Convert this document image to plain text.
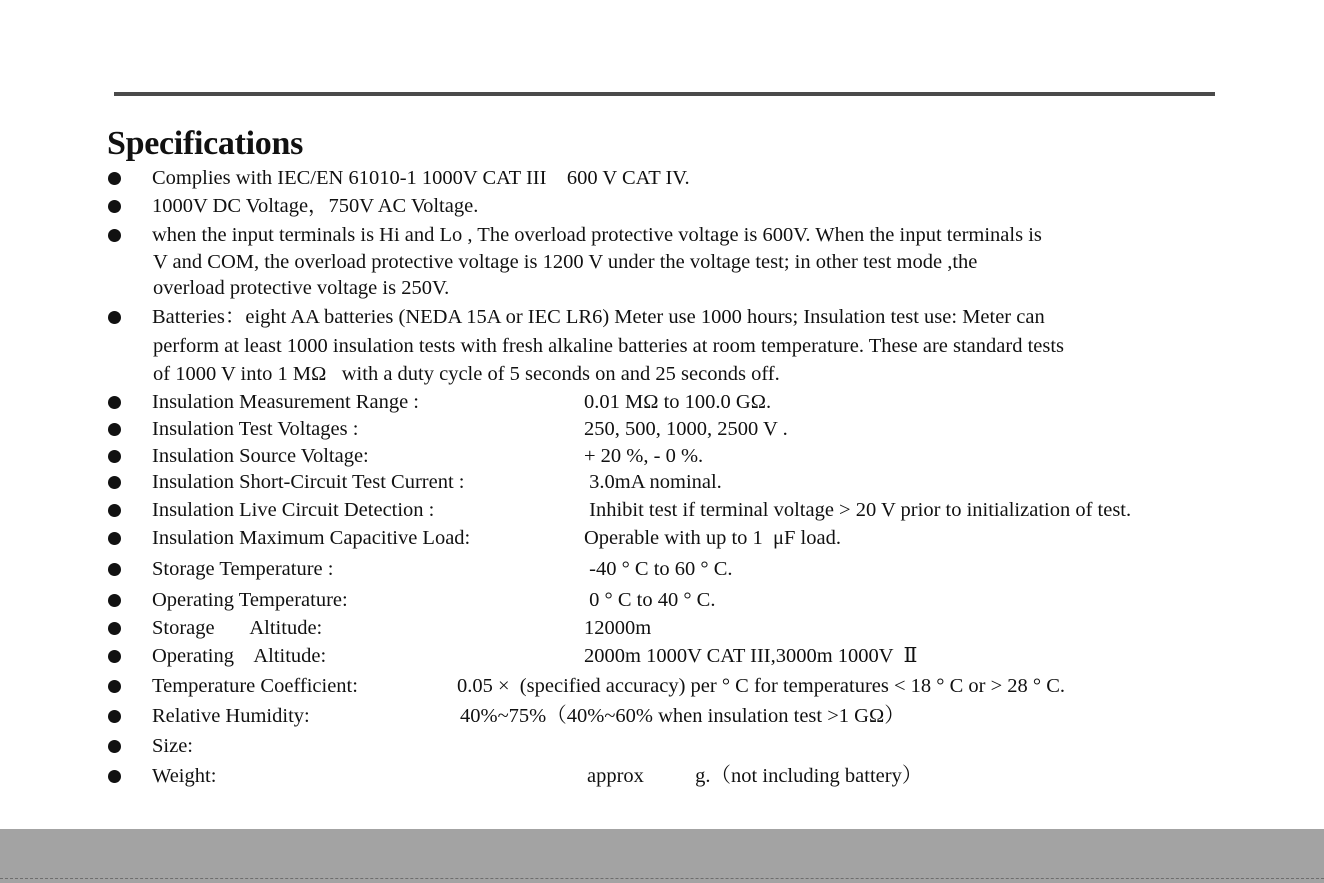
Specifications
Complies with IEC/EN 61010-1 1000V CAT III    600 V CAT IV.
1000V DC Voltage，750V AC Voltage.
when the input terminals is Hi and Lo , The overload protective voltage is 600V. When the input terminals is
V and COM, the overload protective voltage is 1200 V under the voltage test; in other test mode ,the
overload protective voltage is 250V.
Batteries：eight AA batteries (NEDA 15A or IEC LR6) Meter use 1000 hours; Insulation test use: Meter can
perform at least 1000 insulation tests with fresh alkaline batteries at room temperature. These are standard tests
of 1000 V into 1 MΩ   with a duty cycle of 5 seconds on and 25 seconds off.
Insulation Measurement Range :	0.01 MΩ to 100.0 GΩ.
Insulation Test Voltages :	250, 500, 1000, 2500 V .
Insulation Source Voltage:	+ 20 %, - 0 %.
Insulation Short-Circuit Test Current :	3.0mA nominal.
Insulation Live Circuit Detection :	Inhibit test if terminal voltage > 20 V prior to initialization of test.
Insulation Maximum Capacitive Load:	Operable with up to 1  μF load.
Storage Temperature :	-40 ° C to 60 ° C.
Operating Temperature:	0 ° C to 40 ° C.
Storage       Altitude:	12000m
Operating    Altitude:	2000m 1000V CAT III,3000m 1000V  Ⅱ
Temperature Coefficient:	0.05 ×  (specified accuracy) per ° C for temperatures < 18 ° C or > 28 ° C.
Relative Humidity:	40%~75%（40%~60% when insulation test >1 GΩ）
Size:
Weight:	approx          g.（not including battery）
